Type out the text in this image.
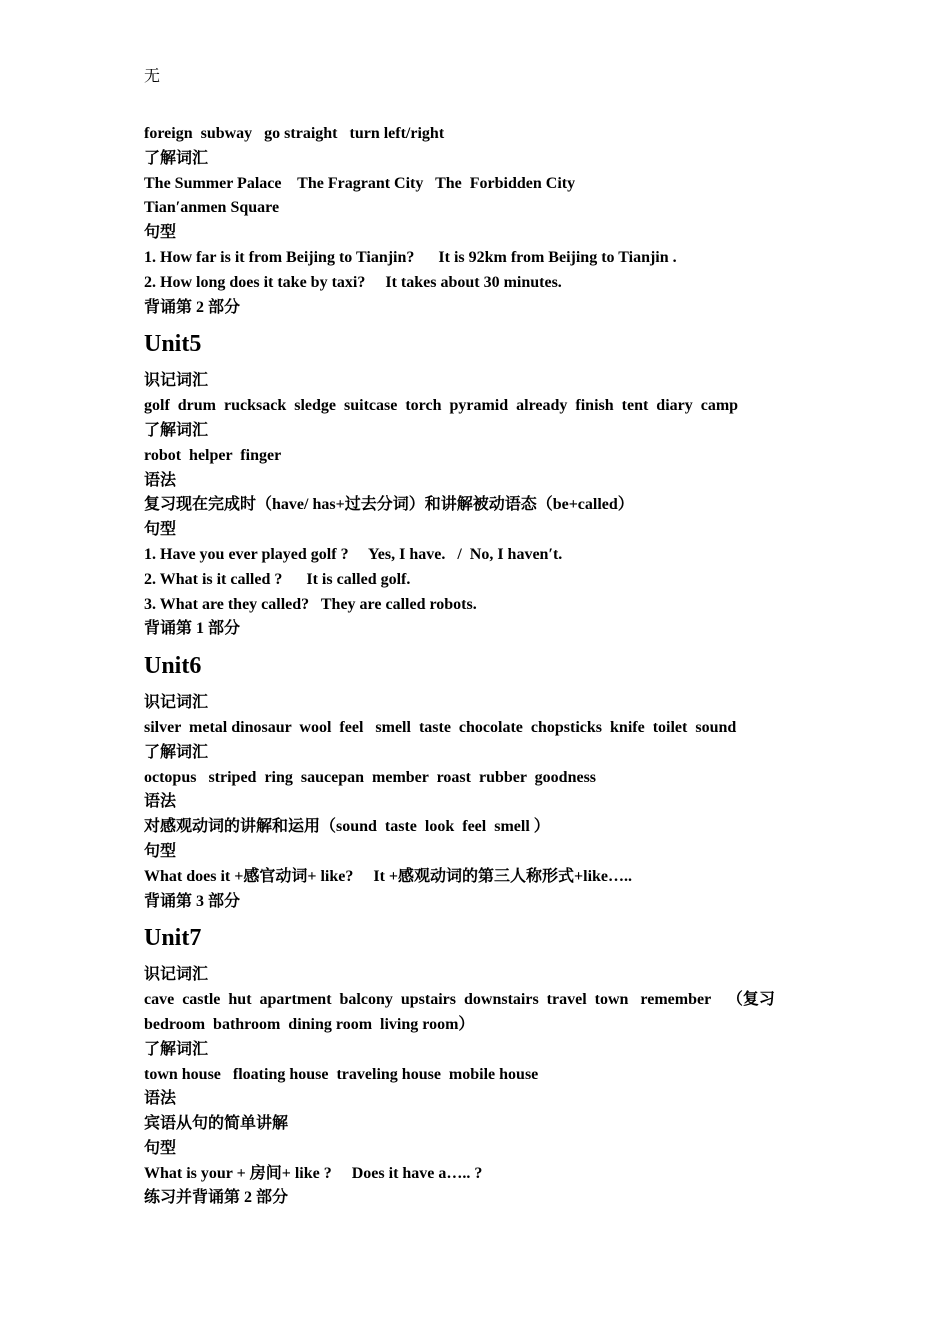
无
foreign  subway   go straight   turn left/right
了解词汇
The Summer Palace    The Fragrant City   The  Forbidden City
Tian′anmen Square
句型
1. How far is it from Beijing to Tianjin?      It is 92km from Beijing to Tianjin .
2. How long does it take by taxi?     It takes about 30 minutes.
背诵第 2 部分
Unit5
识记词汇
golf  drum  rucksack  sledge  suitcase  torch  pyramid  already  finish  tent  diary  camp
了解词汇
robot  helper  finger
语法
复习现在完成时（have/ has+过去分词）和讲解被动语态（be+called）
句型
1. Have you ever played golf ?     Yes, I have.   /  No, I haven′t.
2. What is it called ?      It is called golf.
3. What are they called?   They are called robots.
背诵第 1 部分
Unit6
识记词汇
silver  metal dinosaur  wool  feel   smell  taste  chocolate  chopsticks  knife  toilet  sound
了解词汇
octopus   striped  ring  saucepan  member  roast  rubber  goodness
语法
对感观动词的讲解和运用（sound  taste  look  feel  smell ）
句型
What does it +感官动词+ like?     It +感观动词的第三人称形式+like…..
背诵第 3 部分
Unit7
识记词汇
cave  castle  hut  apartment  balcony  upstairs  downstairs  travel  town   remember    （复习
bedroom  bathroom  dining room  living room）
了解词汇
town house   floating house  traveling house  mobile house
语法
宾语从句的简单讲解
句型
What is your + 房间+ like ?     Does it have a….. ?
练习并背诵第 2 部分
